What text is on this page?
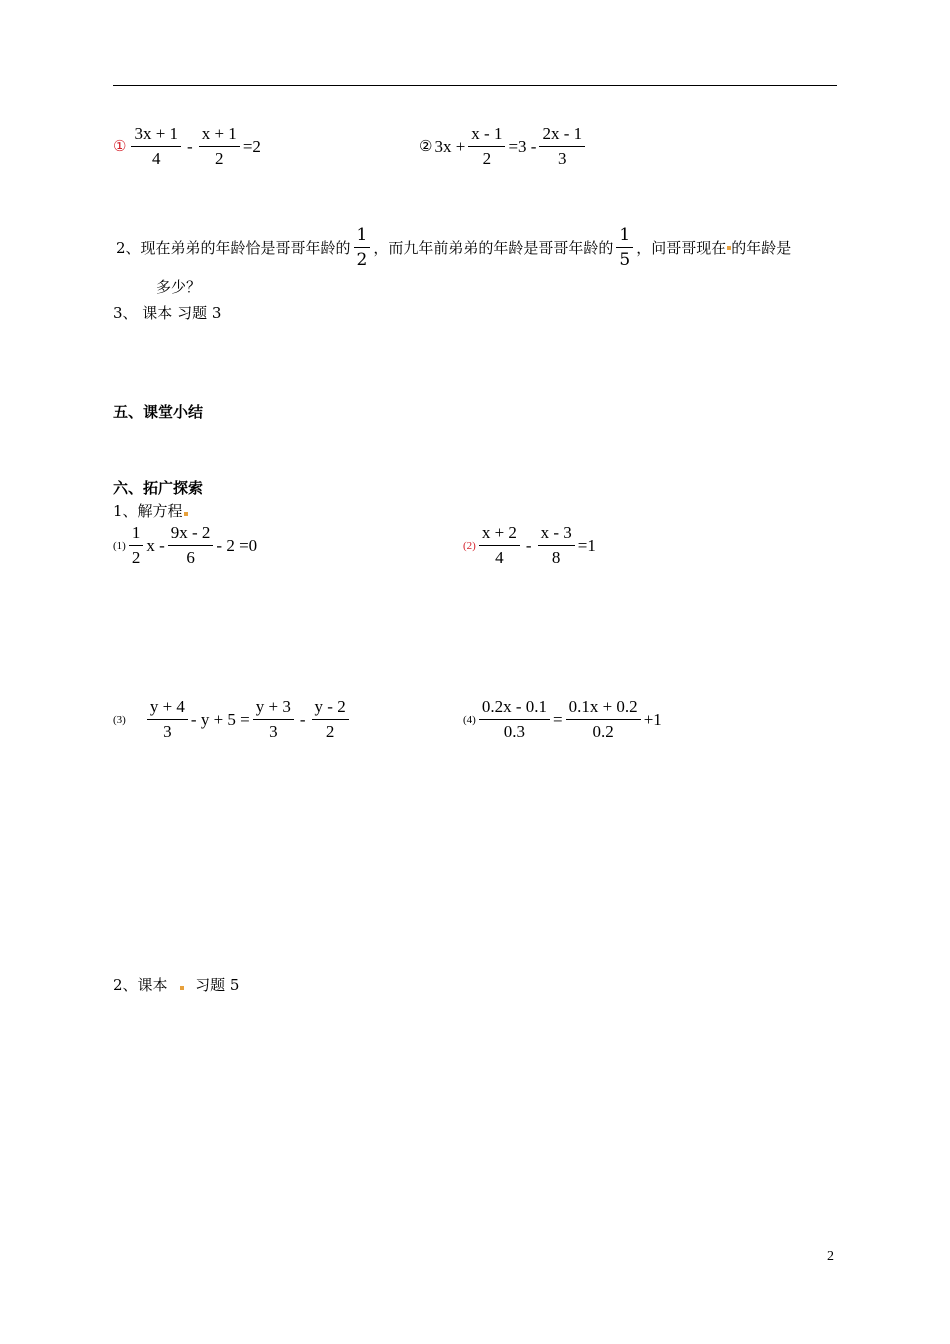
① $\frac{3x + 1}{4} - \frac{x + 1}{2} =2$	② $3x + \frac{x - 1}{2} =3 - \frac{2x - 1}{3}$
2、现在弟弟的年龄恰是哥哥年龄的 $\frac{1}{2}$ ，而九年前弟弟的年龄是哥哥年龄的 $\frac{1}{5}$ ，问哥哥现在 的年龄是
多少？
3、 课本 习题 3
五、课堂小结
六、拓广探索
1、解方程
$(1) \frac{1}{2}$ $x - \frac{9x - 2}{6} - 2 =0$	$(2) \frac{x + 2}{4} - \frac{x - 3}{8} =1$
$(3) \frac{y + 4}{3} - y + 5 = \frac{y + 3}{3} - \frac{y - 2}{2}$	$(4) \frac{0.2x - 0.1}{0.3} = \frac{0.1x + 0.2}{0.2} +1$
2、课本 习题 5
2
